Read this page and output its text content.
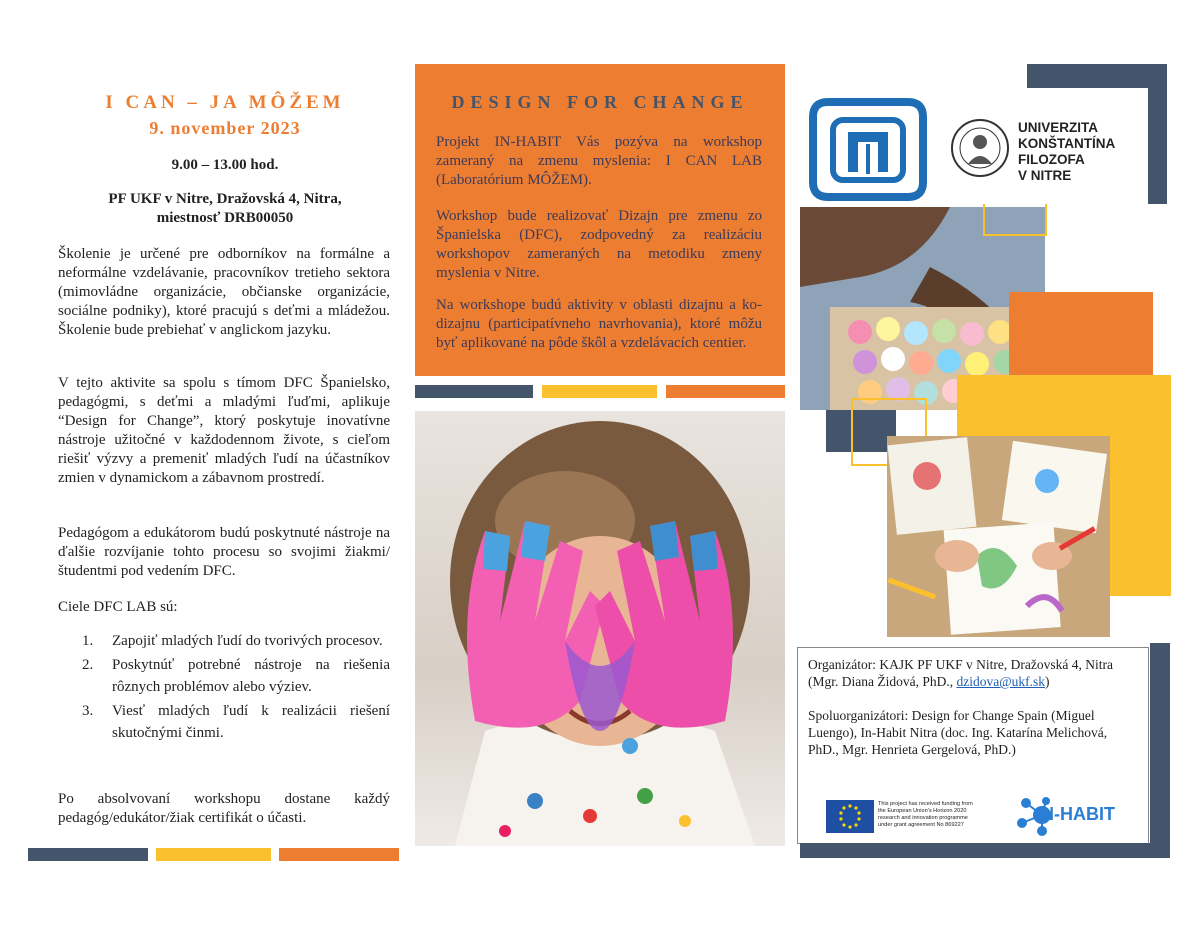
I CAN – JA MÔŽEM
9. november 2023
9.00 – 13.00 hod.
PF UKF v Nitre, Dražovská 4, Nitra,
miestnosť DRB00050
Školenie je určené pre odborníkov na formálne a neformálne vzdelávanie, pracovníkov tretieho sektora (mimovládne organizácie, občianske organizácie, sociálne podniky), ktoré pracujú s deťmi a mládežou. Školenie bude prebiehať v anglickom jazyku.
V tejto aktivite sa spolu s tímom DFC Španielsko, pedagógmi, s deťmi a mladými ľuďmi, aplikuje “Design for Change”, ktorý poskytuje inovatívne nástroje užitočné v každodennom živote, s cieľom riešiť výzvy a premeniť mladých ľudí na účastníkov zmien v dynamickom a zábavnom prostredí.
Pedagógom a edukátorom budú poskytnuté nástroje na ďalšie rozvíjanie tohto procesu so svojimi žiakmi/študentmi pod vedením DFC.
Ciele DFC LAB sú:
1.	Zapojiť mladých ľudí do tvorivých procesov.
2.	Poskytnúť potrebné nástroje na riešenia rôznych problémov alebo výziev.
3.	Viesť mladých ľudí k realizácii riešení skutočnými činmi.
Po absolvovaní workshopu dostane každý pedagóg/edukátor/žiak certifikát o účasti.
DESIGN FOR CHANGE
Projekt IN-HABIT Vás pozýva na workshop zameraný na zmenu myslenia: I CAN LAB (Laboratórium MÔŽEM).
Workshop bude realizovať Dizajn pre zmenu zo Španielska (DFC), zodpovedný za realizáciu workshopov zameraných na metodiku zmeny myslenia v Nitre.
Na workshope budú aktivity v oblasti dizajnu a ko-dizajnu (participatívneho navrhovania), ktoré môžu byť aplikované na pôde škôl a vzdelávacích centier.
UNIVERZITA
KONŠTANTÍNA
FILOZOFA
V NITRE
Organizátor: KAJK PF UKF v Nitre, Dražovská 4, Nitra (Mgr. Diana Židová, PhD., dzidova@ukf.sk)
Spoluorganizátori: Design for Change Spain (Miguel Luengo), In-Habit Nitra (doc. Ing. Katarína Melichová, PhD., Mgr. Henrieta Gergelová, PhD.)
This project has received funding from
the European Union's Horizon 2020
research and innovation programme
under grant agreement No 869227
IN-HABIT
